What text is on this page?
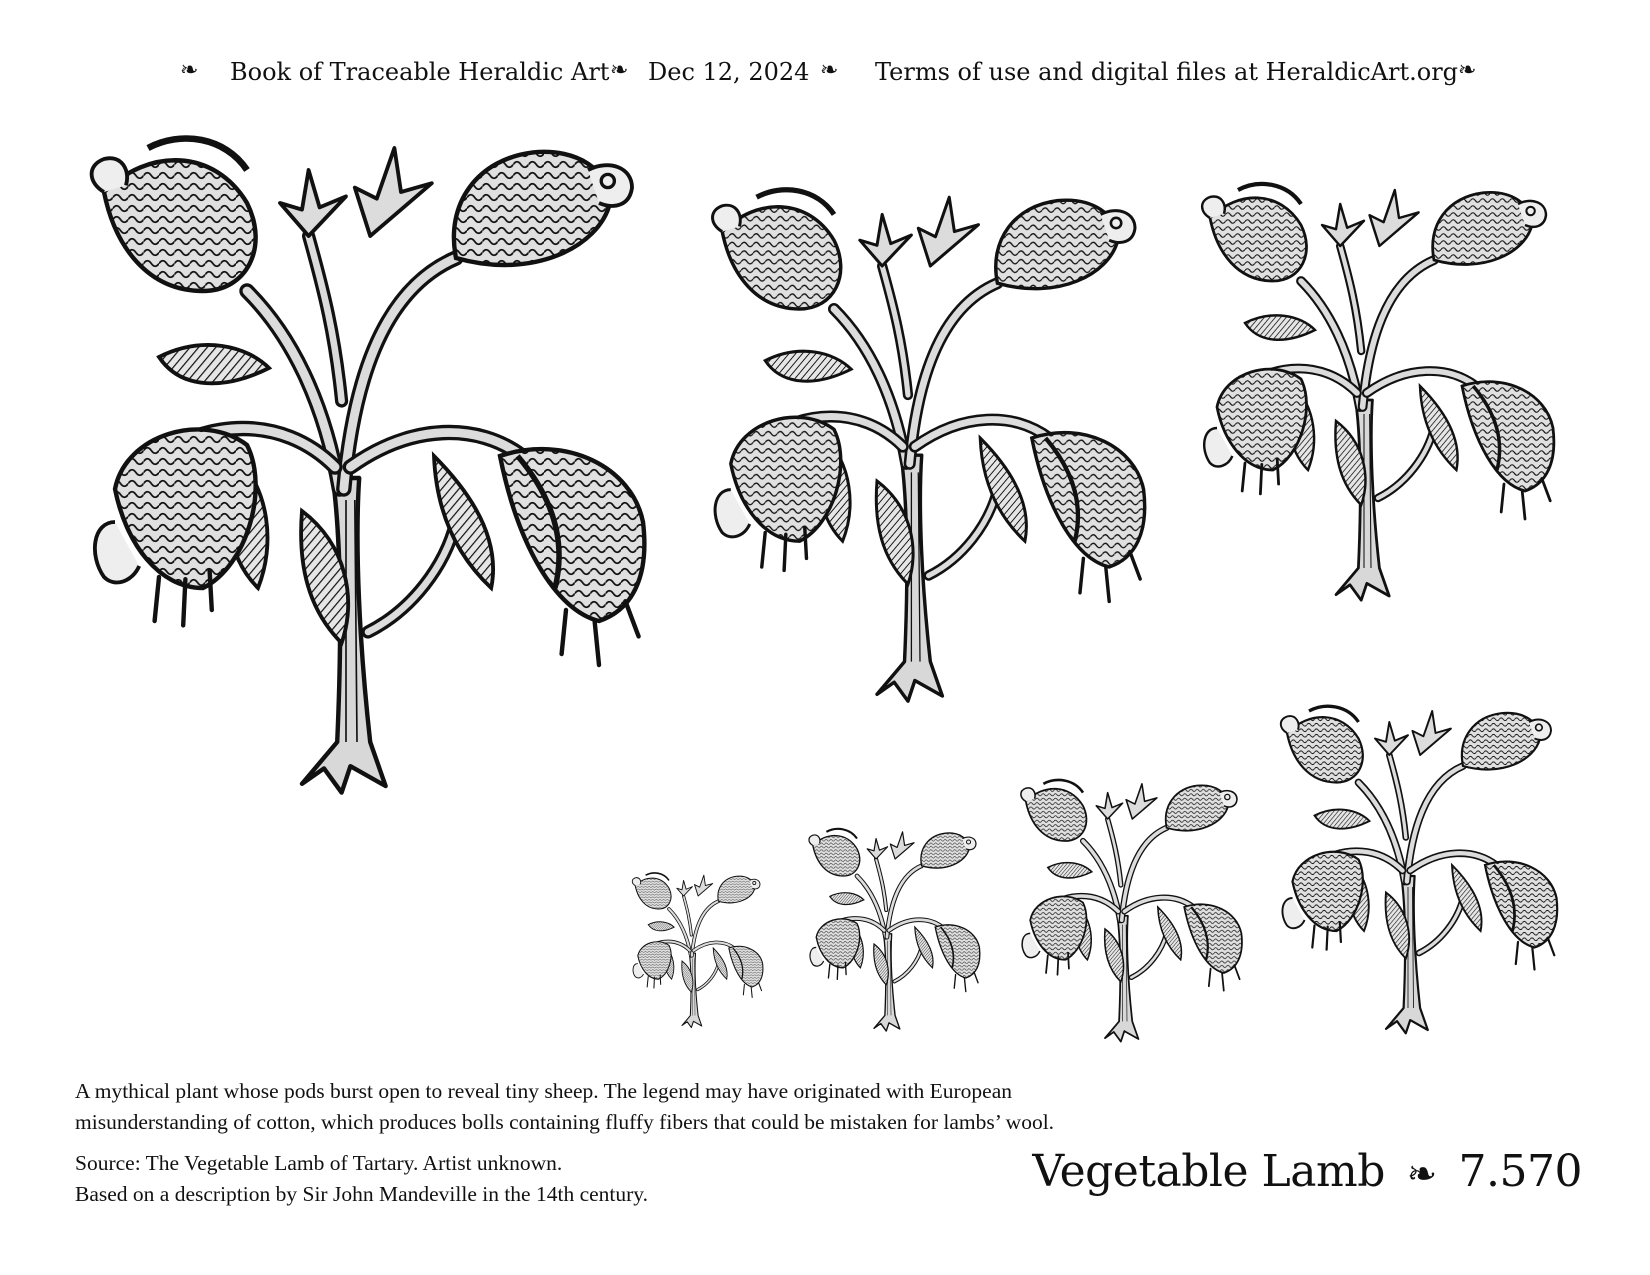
❧ Book of Traceable Heraldic Art ❧ Dec 12, 2024 ❧ Terms of use and digital files at HeraldicArt.org ❧
A mythical plant whose pods burst open to reveal tiny sheep. The legend may have originated with European
misunderstanding of cotton, which produces bolls containing fluffy fibers that could be mistaken for lambs’ wool.
Source: The Vegetable Lamb of Tartary. Artist unknown.
Based on a description by Sir John Mandeville in the 14th century.	Vegetable Lamb ❧ 7.570
